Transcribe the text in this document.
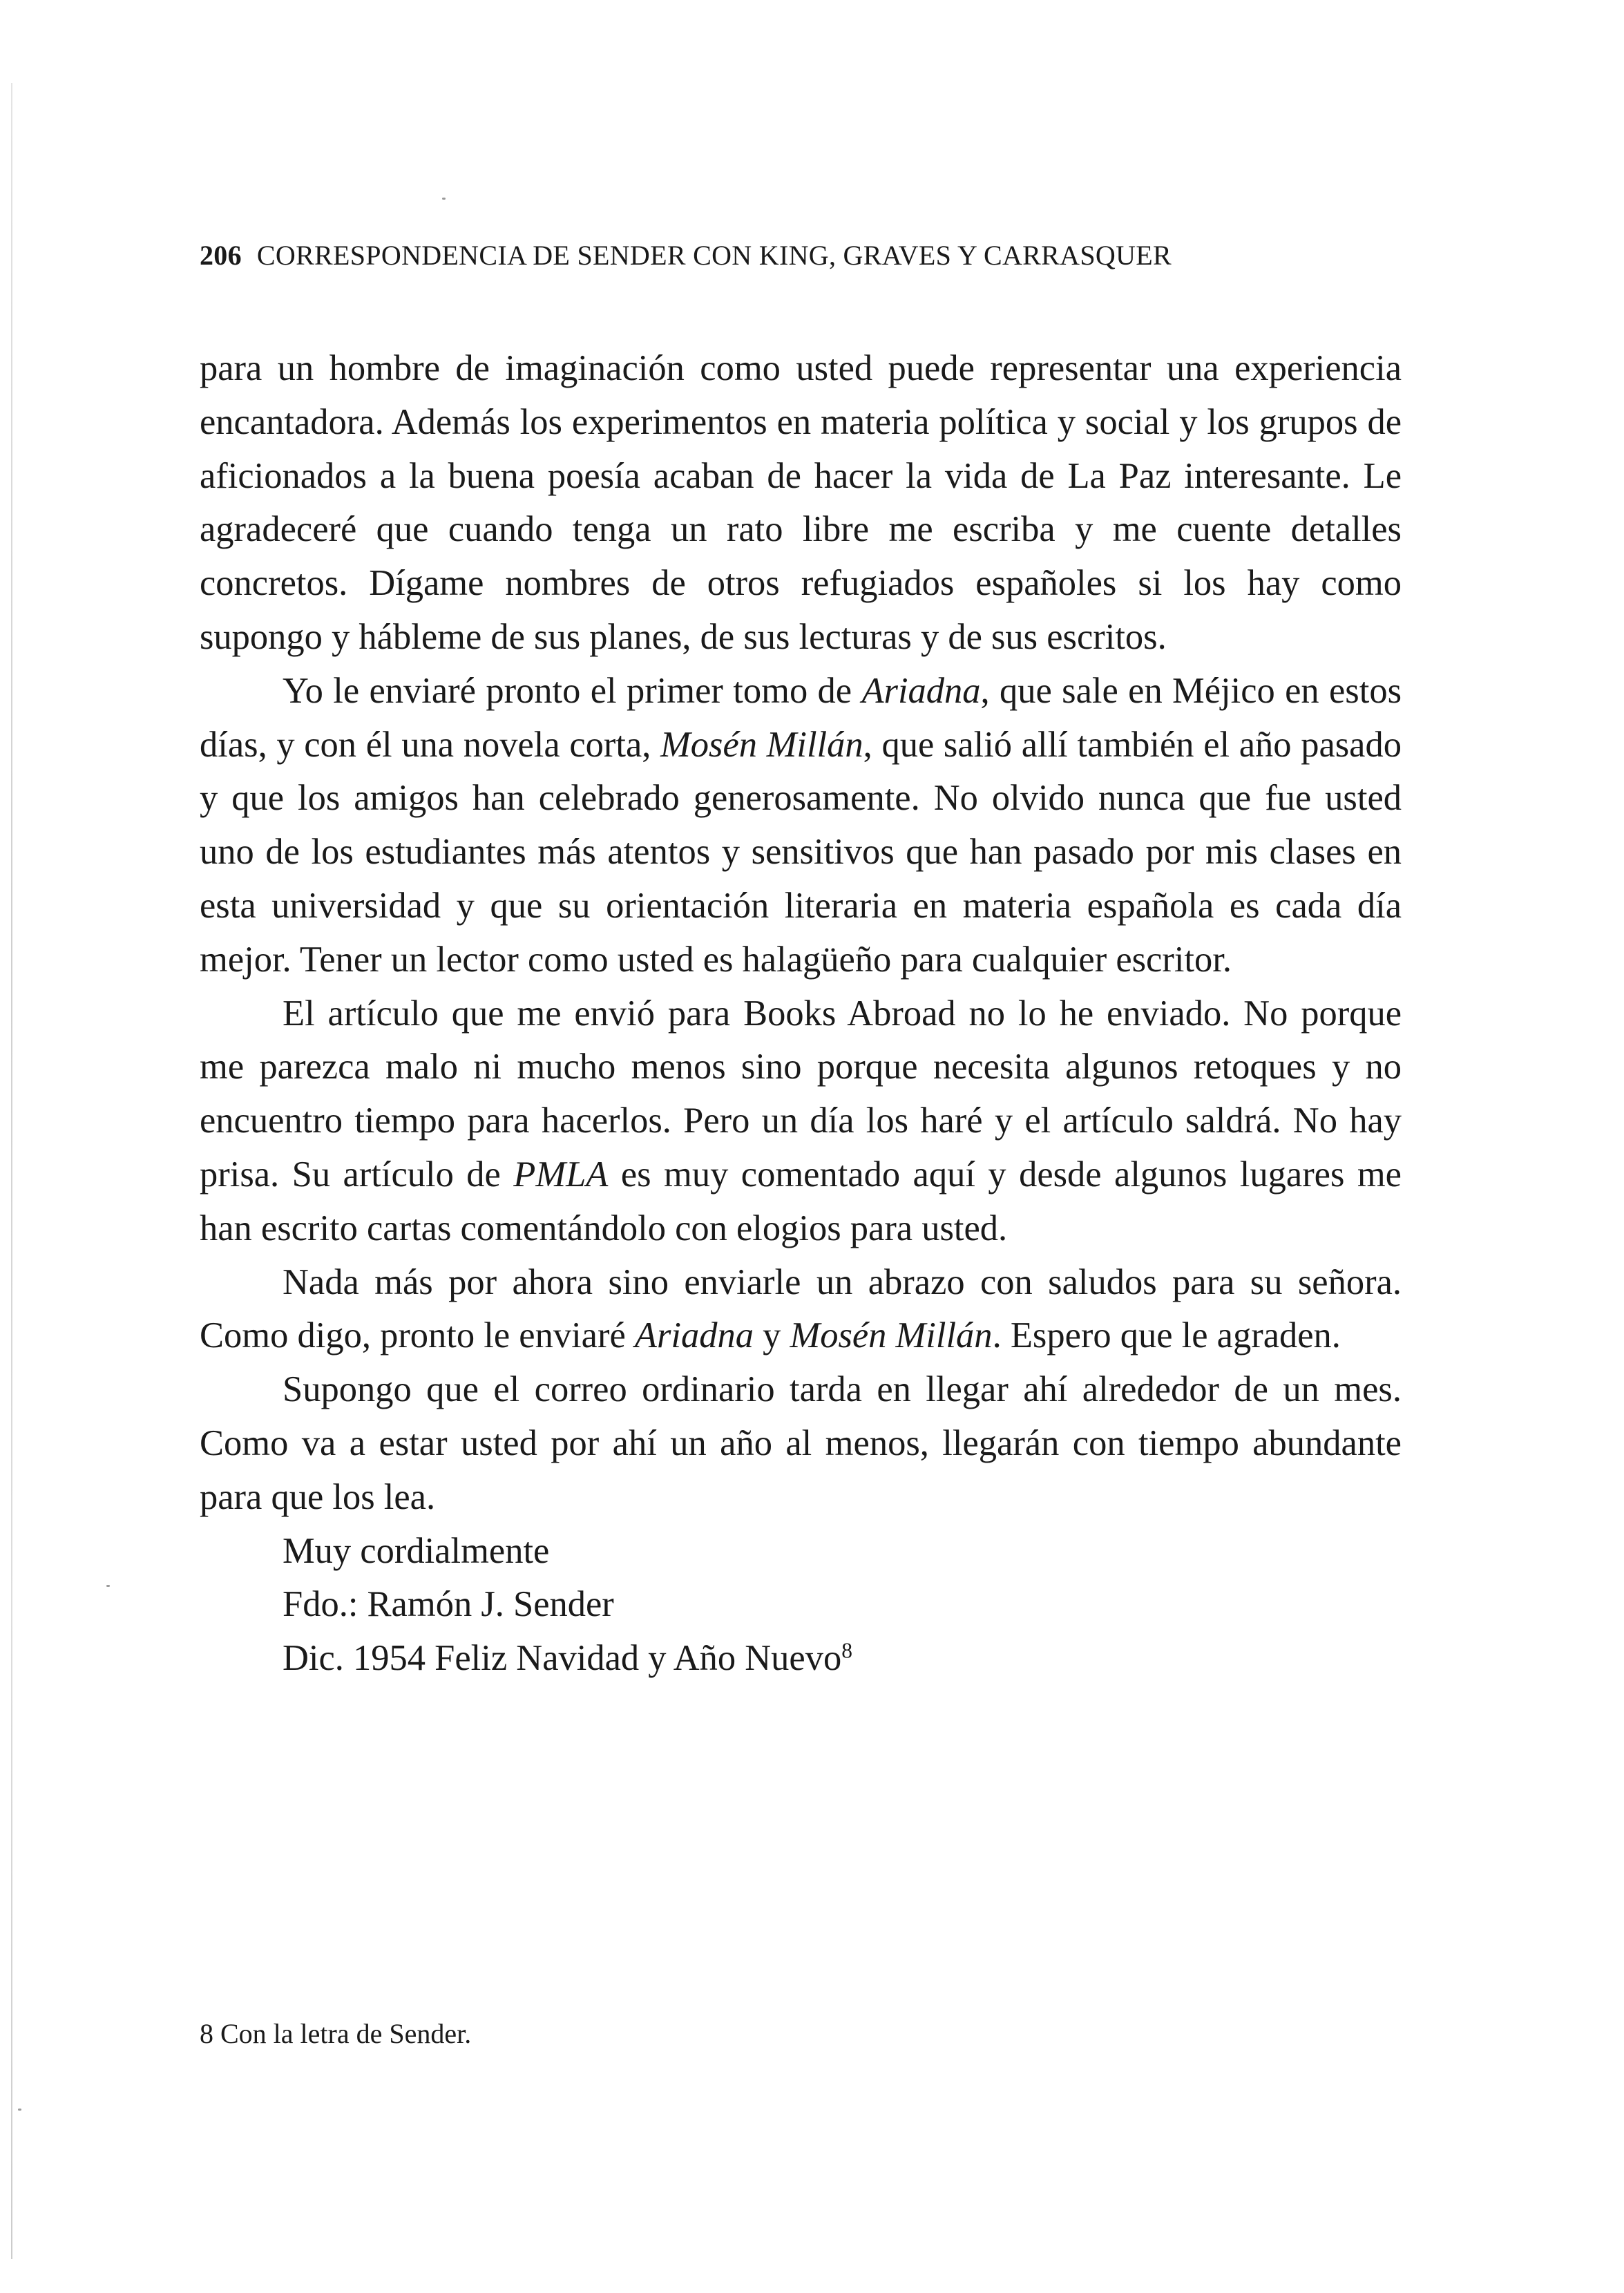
206 CORRESPONDENCIA DE SENDER CON KING, GRAVES Y CARRASQUER

para un hombre de imaginación como usted puede representar una experiencia encantadora. Además los experimentos en materia política y social y los grupos de aficionados a la buena poesía acaban de hacer la vida de La Paz interesante. Le agradeceré que cuando tenga un rato libre me escriba y me cuente detalles concretos. Dígame nombres de otros refugiados españoles si los hay como supongo y hábleme de sus planes, de sus lecturas y de sus escritos.

Yo le enviaré pronto el primer tomo de Ariadna, que sale en Méjico en estos días, y con él una novela corta, Mosén Millán, que salió allí también el año pasado y que los amigos han celebrado generosamente. No olvido nunca que fue usted uno de los estudiantes más atentos y sensitivos que han pasado por mis clases en esta universidad y que su orientación literaria en materia española es cada día mejor. Tener un lector como usted es halagüeño para cualquier escritor.

El artículo que me envió para Books Abroad no lo he enviado. No porque me parezca malo ni mucho menos sino porque necesita algunos retoques y no encuentro tiempo para hacerlos. Pero un día los haré y el artículo saldrá. No hay prisa. Su artículo de PMLA es muy comentado aquí y desde algunos lugares me han escrito cartas comentándolo con elogios para usted.

Nada más por ahora sino enviarle un abrazo con saludos para su señora. Como digo, pronto le enviaré Ariadna y Mosén Millán. Espero que le agraden.

Supongo que el correo ordinario tarda en llegar ahí alrededor de un mes. Como va a estar usted por ahí un año al menos, llegarán con tiempo abundante para que los lea.

Muy cordialmente
Fdo.: Ramón J. Sender
Dic. 1954 Feliz Navidad y Año Nuevo$^8$
8 Con la letra de Sender.
